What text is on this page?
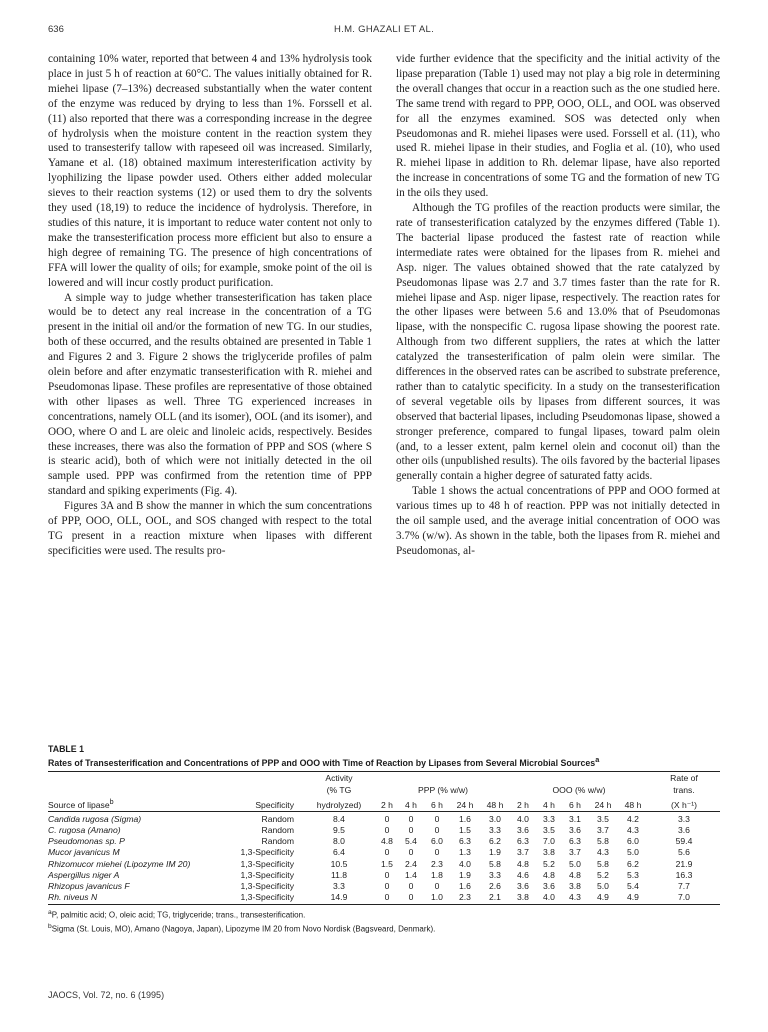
636	H.M. GHAZALI ET AL.

containing 10% water, reported that between 4 and 13% hydrolysis took place in just 5 h of reaction at 60°C. The values initially obtained for R. miehei lipase (7–13%) decreased substantially when the water content of the enzyme was reduced by drying to less than 1%. Forssell et al. (11) also reported that there was a corresponding increase in the degree of hydrolysis when the moisture content in the reaction system they used to transesterify tallow with rapeseed oil was increased. Similarly, Yamane et al. (18) obtained maximum interesterification activity by lyophilizing the lipase powder used. Others either added molecular sieves to their reaction systems (12) or used them to dry the solvents they used (18,19) to reduce the incidence of hydrolysis. Therefore, in studies of this nature, it is important to reduce water content not only to make the transesterification process more efficient but also to ensure a high degree of remaining TG. The presence of high concentrations of FFA will lower the quality of oils; for example, smoke point of the oil is lowered and will incur costly product purification.

A simple way to judge whether transesterification has taken place would be to detect any real increase in the concentration of a TG present in the initial oil and/or the formation of new TG. In our studies, both of these occurred, and the results obtained are presented in Table 1 and Figures 2 and 3. Figure 2 shows the triglyceride profiles of palm olein before and after enzymatic transesterification with R. miehei and Pseudomonas lipase. These profiles are representative of those obtained with other lipases as well. Three TG experienced increases in concentrations, namely OLL (and its isomer), OOL (and its isomer), and OOO, where O and L are oleic and linoleic acids, respectively. Besides these increases, there was also the formation of PPP and SOS (where S is stearic acid), both of which were not initially detected in the oil sample used. PPP was confirmed from the retention time of PPP standard and spiking experiments (Fig. 4).

Figures 3A and B show the manner in which the sum concentrations of PPP, OOO, OLL, OOL, and SOS changed with respect to the total TG present in a reaction mixture when lipases with different specificities were used. The results pro-

vide further evidence that the specificity and the initial activity of the lipase preparation (Table 1) used may not play a big role in determining the overall changes that occur in a reaction such as the one studied here. The same trend with regard to PPP, OOO, OLL, and OOL was observed for all the enzymes examined. SOS was detected only when Pseudomonas and R. miehei lipases were used. Forssell et al. (11), who used R. miehei lipase in their studies, and Foglia et al. (10), who used R. miehei lipase in addition to Rh. delemar lipase, have also reported the increase in concentrations of some TG and the formation of new TG in the oils they used.

Although the TG profiles of the reaction products were similar, the rate of transesterification catalyzed by the enzymes differed (Table 1). The bacterial lipase produced the fastest rate of reaction while intermediate rates were obtained for the lipases from R. miehei and Asp. niger. The values obtained showed that the rate catalyzed by Pseudomonas lipase was 2.7 and 3.7 times faster than the rate for R. miehei lipase and Asp. niger lipase, respectively. The reaction rates for the other lipases were between 5.6 and 13.0% that of Pseudomonas lipase, with the nonspecific C. rugosa lipase showing the poorest rate. Although from two different suppliers, the rates at which the latter catalyzed the transesterification of palm olein were similar. The differences in the observed rates can be ascribed to substrate preference, rather than to catalytic specificity. In a study on the transesterification of several vegetable oils by lipases from different sources, it was observed that bacterial lipases, including Pseudomonas lipase, showed a stronger preference, compared to fungal lipases, toward palm olein (and, to a lesser extent, palm kernel olein and coconut oil) than the other oils (unpublished results). The oils favored by the bacterial lipases generally contain a higher degree of saturated fatty acids.

Table 1 shows the actual concentrations of PPP and OOO formed at various times up to 48 h of reaction. PPP was not initially detected in the oil sample used, and the average initial concentration of OOO was 3.7% (w/w). As shown in the table, both the lipases from R. miehei and Pseudomonas, al-

TABLE 1
Rates of Transesterification and Concentrations of PPP and OOO with Time of Reaction by Lipases from Several Microbial Sources$^a$
		Activity											Rate of
		(% TG	PPP (% w/w)					OOO (% w/w)					trans.
Source of lipase$^b$	Specificity	hydrolyzed)	2 h	4 h	6 h	24 h	48 h	2 h	4 h	6 h	24 h	48 h	(X h⁻¹)
Candida rugosa (Sigma)	Random	8.4	0	0	0	1.6	3.0	4.0	3.3	3.1	3.5	4.2	3.3
C. rugosa (Amano)	Random	9.5	0	0	0	1.5	3.3	3.6	3.5	3.6	3.7	4.3	3.6
Pseudomonas sp. P	Random	8.0	4.8	5.4	6.0	6.3	6.2	6.3	7.0	6.3	5.8	6.0	59.4
Mucor javanicus M	1,3-Specificity	6.4	0	0	0	1.3	1.9	3.7	3.8	3.7	4.3	5.0	5.6
Rhizomucor miehei (Lipozyme IM 20)	1,3-Specificity	10.5	1.5	2.4	2.3	4.0	5.8	4.8	5.2	5.0	5.8	6.2	21.9
Aspergillus niger A	1,3-Specificity	11.8	0	1.4	1.8	1.9	3.3	4.6	4.8	4.8	5.2	5.3	16.3
Rhizopus javanicus F	1,3-Specificity	3.3	0	0	0	1.6	2.6	3.6	3.6	3.8	5.0	5.4	7.7
Rh. niveus N	1,3-Specificity	14.9	0	0	1.0	2.3	2.1	3.8	4.0	4.3	4.9	4.9	7.0
$^a$P, palmitic acid; O, oleic acid; TG, triglyceride; trans., transesterification.
$^b$Sigma (St. Louis, MO), Amano (Nagoya, Japan), Lipozyme IM 20 from Novo Nordisk (Bagsveard, Denmark).
JAOCS, Vol. 72, no. 6 (1995)
